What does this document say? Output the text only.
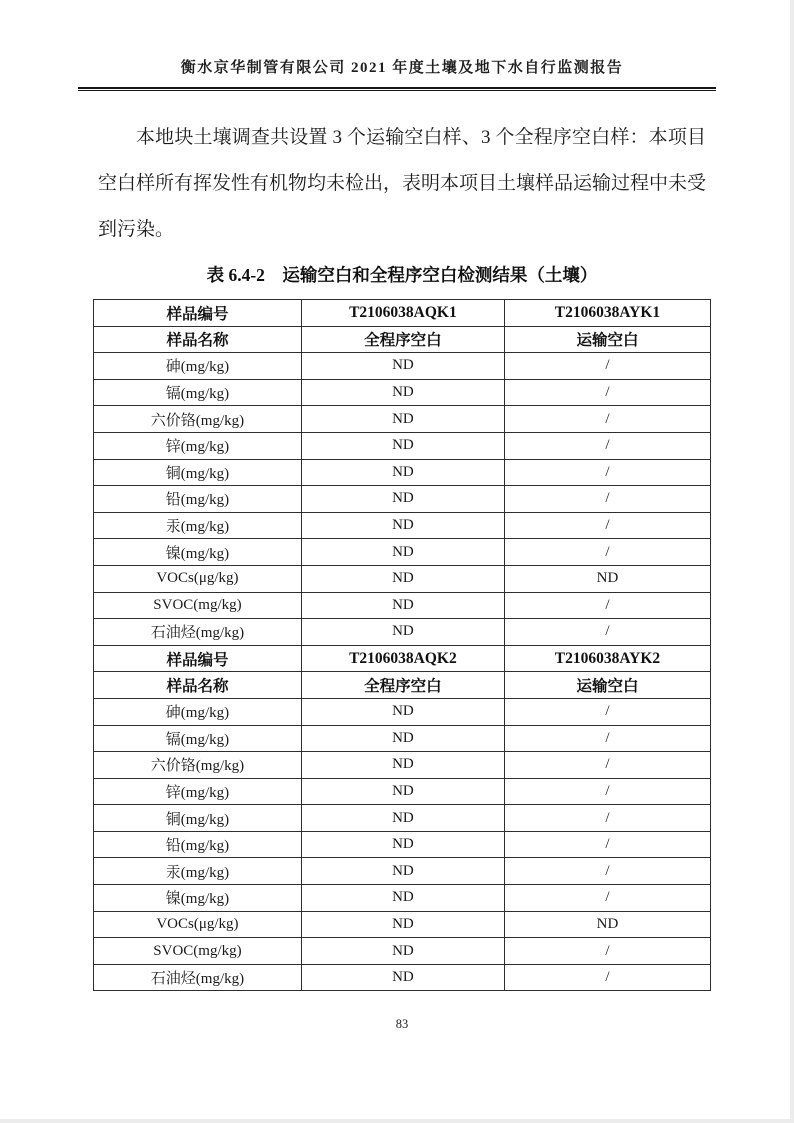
衡水京华制管有限公司 2021 年度土壤及地下水自行监测报告

本地块土壤调查共设置 3 个运输空白样、3 个全程序空白样：本项目空白样所有挥发性有机物均未检出，表明本项目土壤样品运输过程中未受到污染。

表 6.4-2　运输空白和全程序空白检测结果（土壤）
样品编号	T2106038AQK1	T2106038AYK1
样品名称	全程序空白	运输空白
砷(mg/kg)	ND	/
镉(mg/kg)	ND	/
六价铬(mg/kg)	ND	/
锌(mg/kg)	ND	/
铜(mg/kg)	ND	/
铅(mg/kg)	ND	/
汞(mg/kg)	ND	/
镍(mg/kg)	ND	/
VOCs(μg/kg)	ND	ND
SVOC(mg/kg)	ND	/
石油烃(mg/kg)	ND	/
样品编号	T2106038AQK2	T2106038AYK2
样品名称	全程序空白	运输空白
砷(mg/kg)	ND	/
镉(mg/kg)	ND	/
六价铬(mg/kg)	ND	/
锌(mg/kg)	ND	/
铜(mg/kg)	ND	/
铅(mg/kg)	ND	/
汞(mg/kg)	ND	/
镍(mg/kg)	ND	/
VOCs(μg/kg)	ND	ND
SVOC(mg/kg)	ND	/
石油烃(mg/kg)	ND	/
83
